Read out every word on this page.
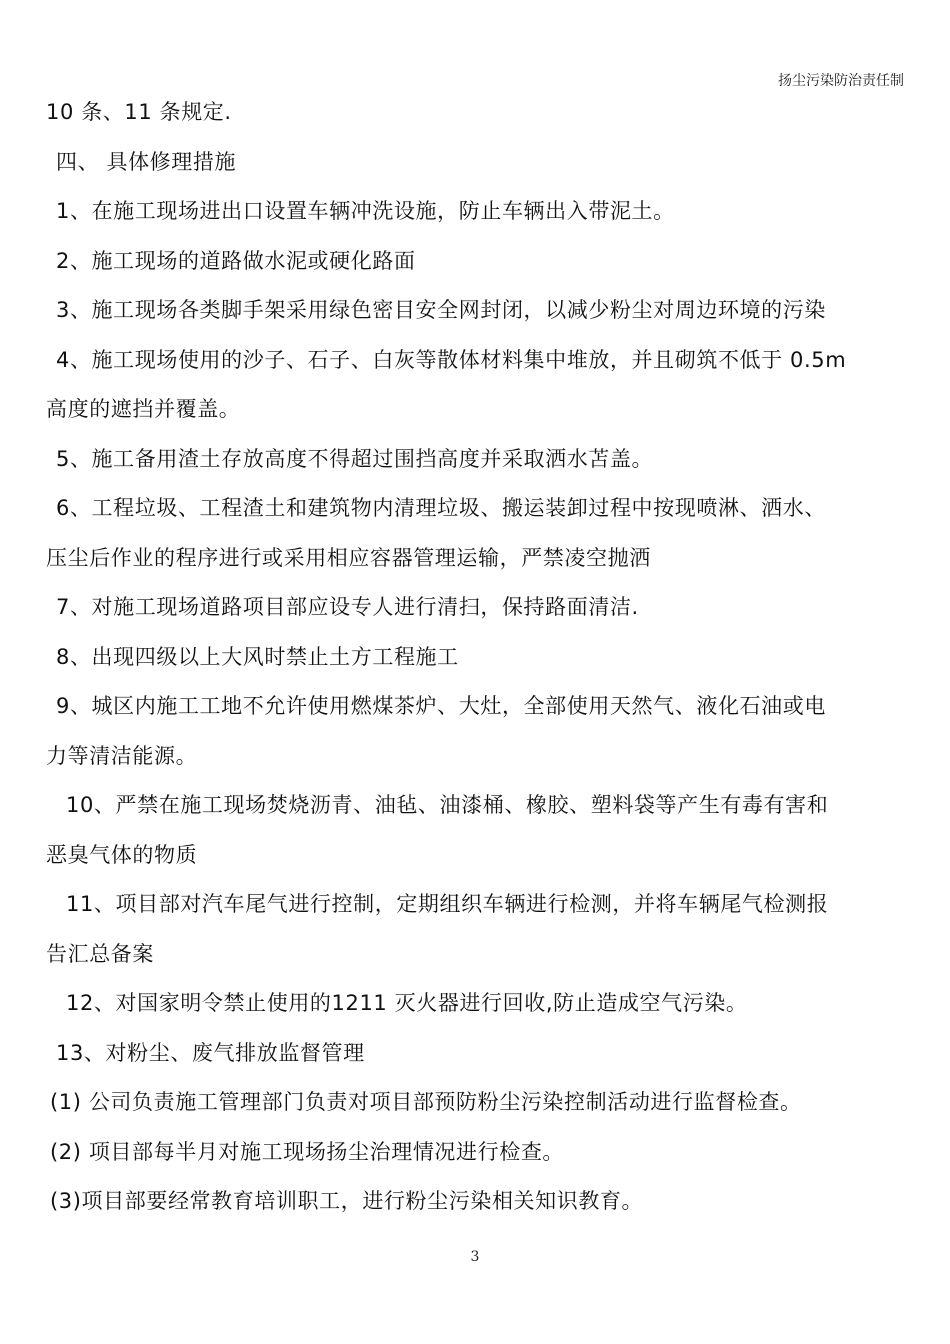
扬尘污染防治责任制
10 条、11 条规定.
四、 具体修理措施
1、在施工现场进出口设置车辆冲洗设施，防止车辆出入带泥土。
2、施工现场的道路做水泥或硬化路面
3、施工现场各类脚手架采用绿色密目安全网封闭，以减少粉尘对周边环境的污染
4、施工现场使用的沙子、石子、白灰等散体材料集中堆放，并且砌筑不低于 0.5m
高度的遮挡并覆盖。
5、施工备用渣土存放高度不得超过围挡高度并采取洒水苫盖。
6、工程垃圾、工程渣土和建筑物内清理垃圾、搬运装卸过程中按现喷淋、洒水、
压尘后作业的程序进行或采用相应容器管理运输，严禁凌空抛洒
7、对施工现场道路项目部应设专人进行清扫，保持路面清洁.
8、出现四级以上大风时禁止土方工程施工
9、城区内施工工地不允许使用燃煤茶炉、大灶，全部使用天然气、液化石油或电
力等清洁能源。
10、严禁在施工现场焚烧沥青、油毡、油漆桶、橡胶、塑料袋等产生有毒有害和
恶臭气体的物质
11、项目部对汽车尾气进行控制，定期组织车辆进行检测，并将车辆尾气检测报
告汇总备案
12、对国家明令禁止使用的1211 灭火器进行回收,防止造成空气污染。
13、对粉尘、废气排放监督管理
(1) 公司负责施工管理部门负责对项目部预防粉尘污染控制活动进行监督检查。
(2) 项目部每半月对施工现场扬尘治理情况进行检查。
(3)项目部要经常教育培训职工，进行粉尘污染相关知识教育。
3
